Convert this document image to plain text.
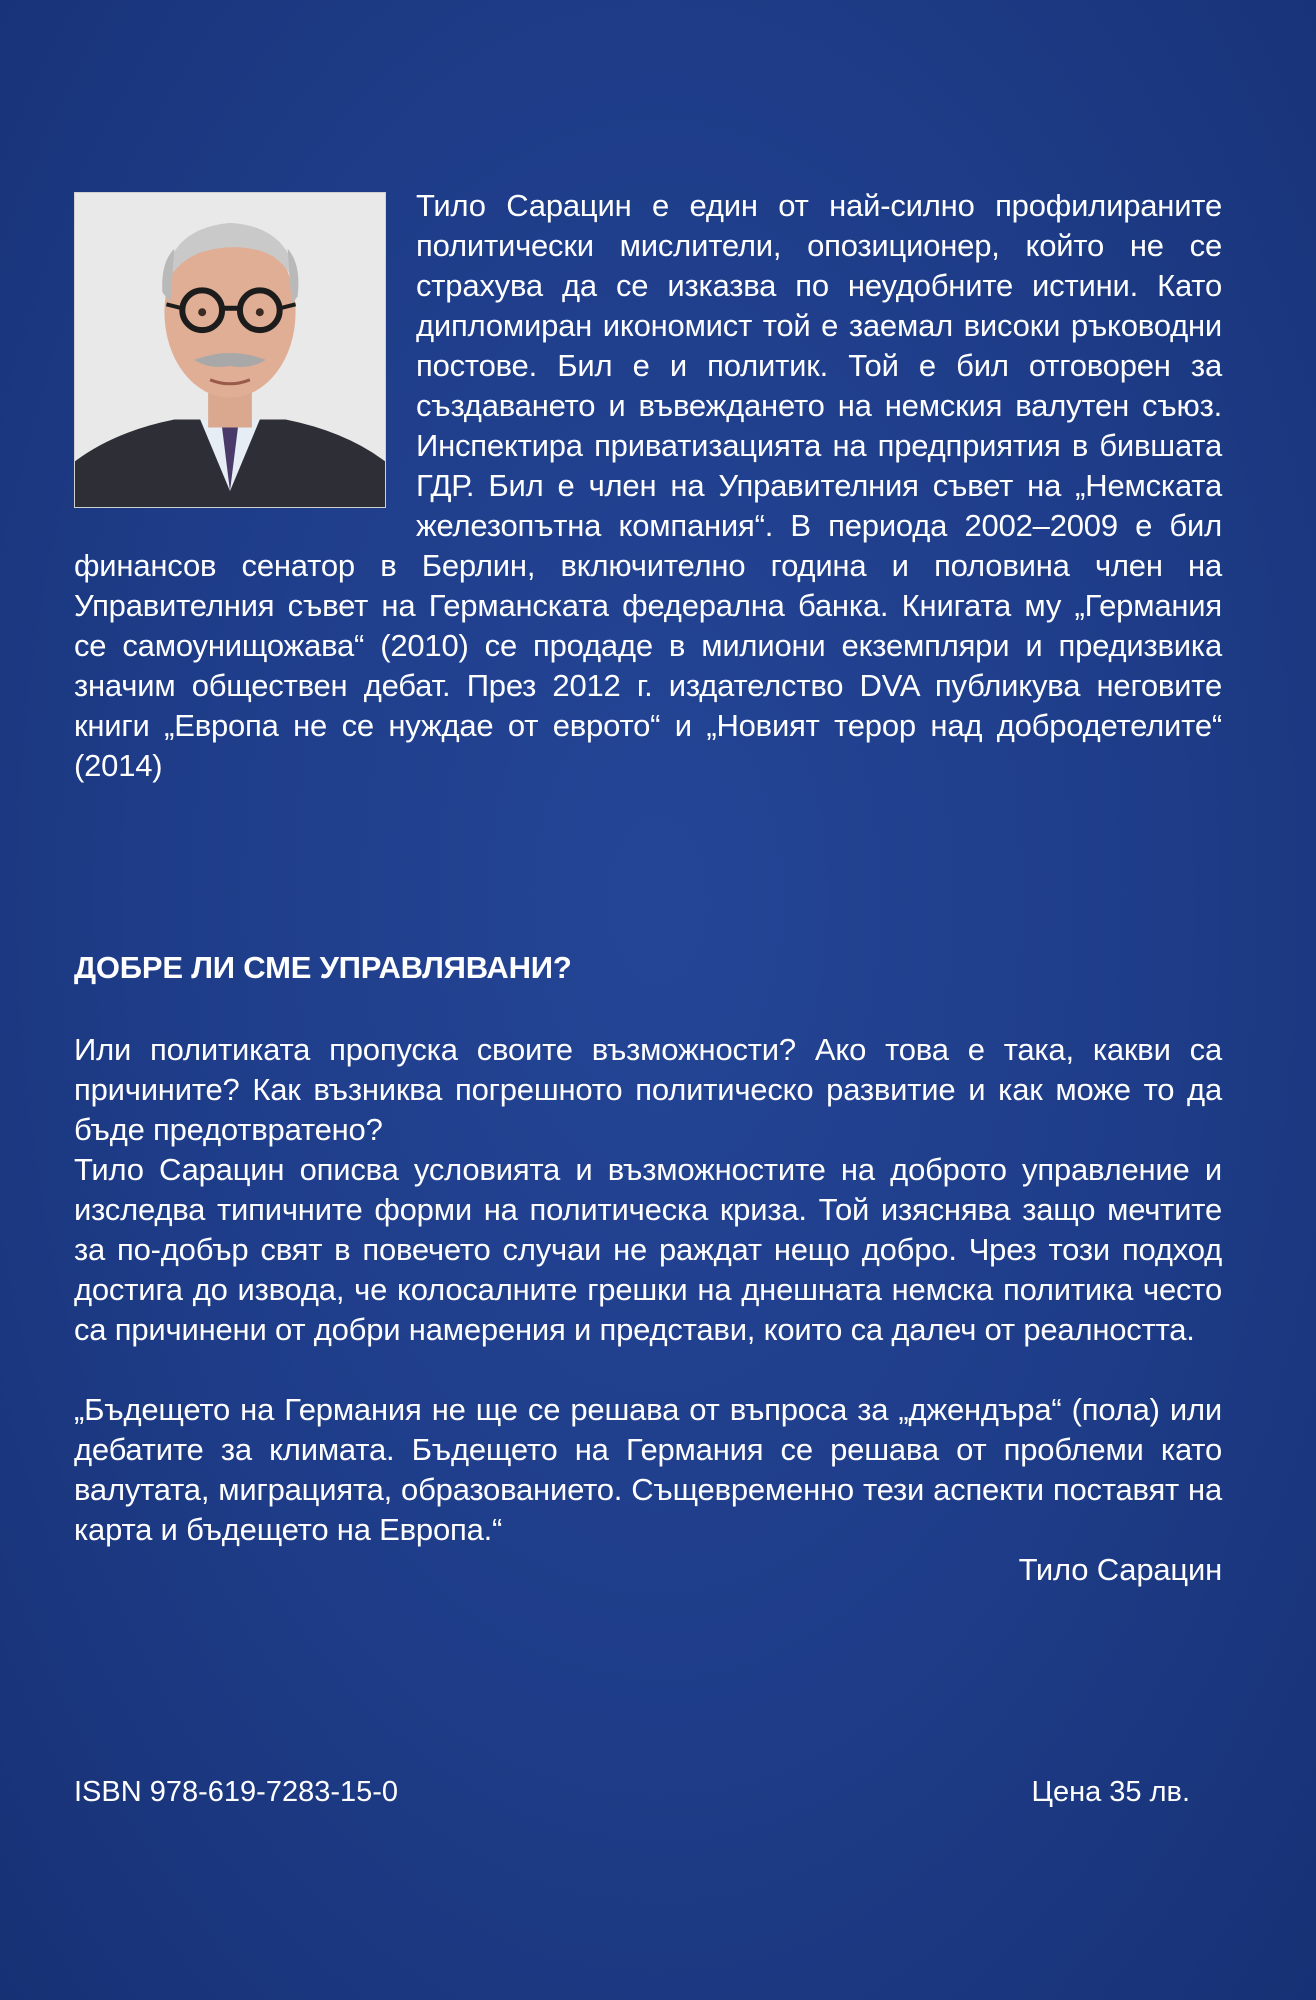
Тило Сарацин е един от най-силно профилираните политически мислители, опозиционер, който не се страхува да се изказва по неудобните истини. Като дипломиран икономист той е заемал високи ръководни постове. Бил е и политик. Той е бил отговорен за създаването и въвеждането на немския валутен съюз. Инспектира приватизацията на предприятия в бившата ГДР. Бил е член на Управителния съвет на „Немската железопътна компания“. В периода 2002–2009 е бил финансов сенатор в Берлин, включително година и половина член на Управителния съвет на Германската федерална банка. Книгата му „Германия се самоунищожава“ (2010) се продаде в милиони екземпляри и предизвика значим обществен дебат. През 2012 г. издателство DVA публикува неговите книги „Европа не се нуждае от еврото“ и „Новият терор над добродетелите“ (2014)

ДОБРЕ ЛИ СМЕ УПРАВЛЯВАНИ?

Или политиката пропуска своите възможности? Ако това е така, какви са причините? Как възниква погрешното политическо развитие и как може то да бъде предотвратено?

Тило Сарацин описва условията и възможностите на доброто управление и изследва типичните форми на политическа криза. Той изяснява защо мечтите за по-добър свят в повечето случаи не раждат нещо добро. Чрез този подход достига до извода, че колосалните грешки на днешната немска политика често са причинени от добри намерения и представи, които са далеч от реалността.

„Бъдещето на Германия не ще се решава от въпроса за „джендъра“ (пола) или дебатите за климата. Бъдещето на Германия се решава от проблеми като валутата, миграцията, образованието. Същевременно тези аспекти поставят на карта и бъдещето на Европа.“

Тило Сарацин

ISBN 978-619-7283-15-0	Цена 35 лв.
